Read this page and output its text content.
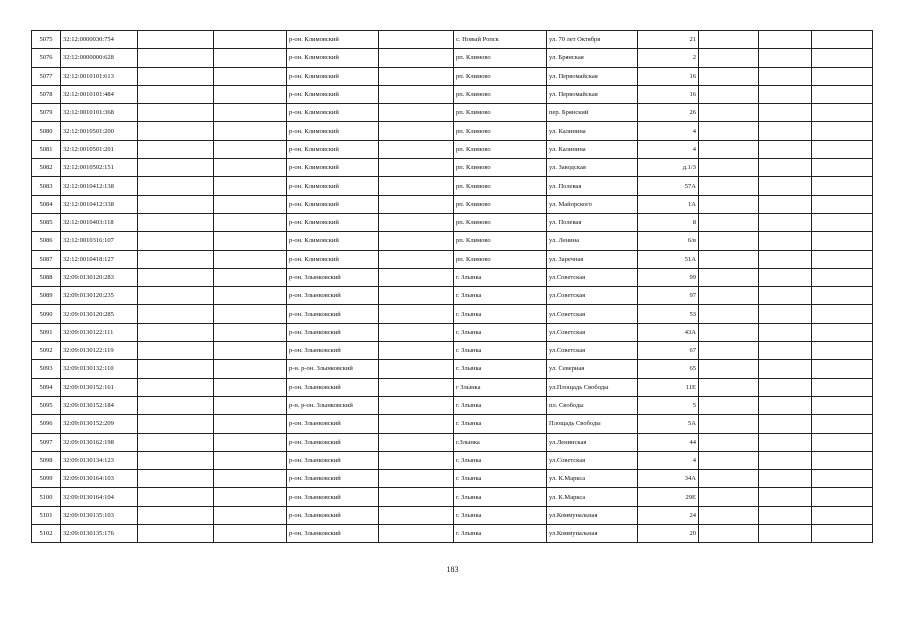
5075	32:12:0000030:754			р-он. Климовский		с. Новый Ропск	ул. 70 лет Октября	21			
5076	32:12:0000000:628			р-он. Климовский		рп. Климово	ул. Брянская	2			
5077	32:12:0010101:613			р-он. Климовский		рп. Климово	ул. Первомайская	16			
5078	32:12:0010101:484			р-он. Климовский		рп. Климово	ул. Первомайская	16			
5079	32:12:0010101:368			р-он. Климовский		рп. Климово	пер. Брянский	26			
5080	32:12:0010501:200			р-он. Климовский		рп. Климово	ул. Калинина	4			
5081	32:12:0010501:201			р-он. Климовский		рп. Климово	ул. Калинина	4			
5082	32:12:0010502:151			р-он. Климовский		рп. Климово	ул. Заводская	д.1/3			
5083	32:12:0010412:138			р-он. Климовский		рп. Климово	ул. Полевая	57А			
5084	32:12:0010412:338			р-он. Климовский		рп. Климово	ул. Майорского	1А			
5085	32:12:0010403:118			р-он. Климовский		рп. Климово	ул. Полевая	8			
5086	32:12:0010316:107			р-он. Климовский		рп. Климово	ул. Ленина	6/в			
5087	32:12:0010418:127			р-он. Климовский		рп. Климово	ул. Заречная	51А			
5088	32:09:0130120:283			р-он. Злынковский		г. Злынка	ул.Советская	99			
5089	32:09:0130120:235			р-он. Злынковский		г. Злынка	ул.Советская	97			
5090	32:09:0130120:285			р-он. Злынковский		г. Злынка	ул.Советская	53			
5091	32:09:0130122:111			р-он. Злынковский		г. Злынка	ул.Советская	43А			
5092	32:09:0130122:119			р-он. Злынковский		г. Злынка	ул.Советская	67			
5093	32:09:0130132:110			р-н. р-он. Злынковский		г. Злынка	ул. Северная	65			
5094	32:09:0130152:161			р-он. Злынковский		г Злынка	ул.Площадь Свободы	11Е			
5095	32:09:0130152:184			р-н. р-он. Злынковский		г. Злынка	пл. Свободы	5			
5096	32:09:0130152:209			р-он. Злынковский		г. Злынка	Площадь Свободы	5А			
5097	32:09:0130162:198			р-он. Злынковский		г.Злынка	ул.Ленинская	44			
5098	32:09:0130134:123			р-он. Злынковский		г. Злынка	ул.Советская	4			
5099	32:09:0130164:103			р-он. Злынковский		г. Злынка	ул. К.Маркса	34А			
5100	32:09:0130164:104			р-он. Злынковский		г. Злынка	ул. К.Маркса	29Е			
5101	32:09:0130135:103			р-он. Злынковский		г. Злынка	ул.Коммунальная	24			
5102	32:09:0130135:176			р-он. Злынковский		г. Злынка	ул.Коммунальная	20			
183
